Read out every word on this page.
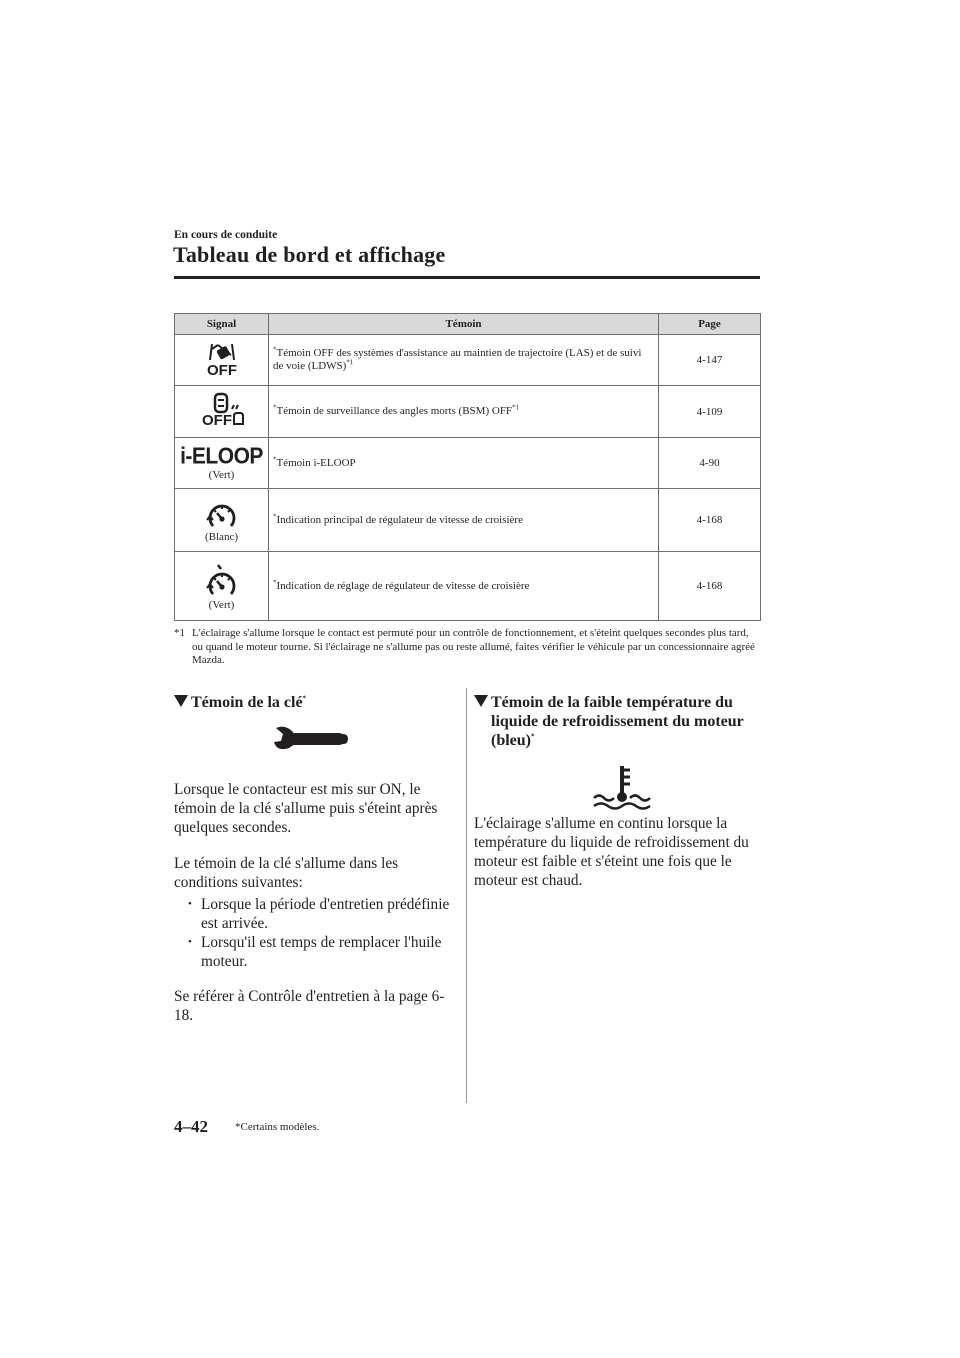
En cours de conduite
Tableau de bord et affichage
Signal	Témoin	Page

OFF	*Témoin OFF des systèmes d'assistance au maintien de trajectoire (LAS) et de suivi de voie (LDWS)$^{*1}$	4-147

OFF	*Témoin de surveillance des angles morts (BSM) OFF$^{*1}$	4-109

i-ELOOP
(Vert)	*Témoin i-ELOOP	4-90

(Blanc)	*Indication principal de régulateur de vitesse de croisière	4-168

(Vert)	*Indication de réglage de régulateur de vitesse de croisière	4-168
*1 L'éclairage s'allume lorsque le contact est permuté pour un contrôle de fonctionnement, et s'éteint quelques secondes plus tard, ou quand le moteur tourne. Si l'éclairage ne s'allume pas ou reste allumé, faites vérifier le véhicule par un concessionnaire agréé Mazda.
Témoin de la clé*

Lorsque le contacteur est mis sur ON, le témoin de la clé s'allume puis s'éteint après quelques secondes.

Le témoin de la clé s'allume dans les conditions suivantes:

• Lorsque la période d'entretien prédéfinie est arrivée.
• Lorsqu'il est temps de remplacer l'huile moteur.

Se référer à Contrôle d'entretien à la page 6-18.

Témoin de la faible température du liquide de refroidissement du moteur (bleu)*

L'éclairage s'allume en continu lorsque la température du liquide de refroidissement du moteur est faible et s'éteint une fois que le moteur est chaud.

4–42 *Certains modèles.
